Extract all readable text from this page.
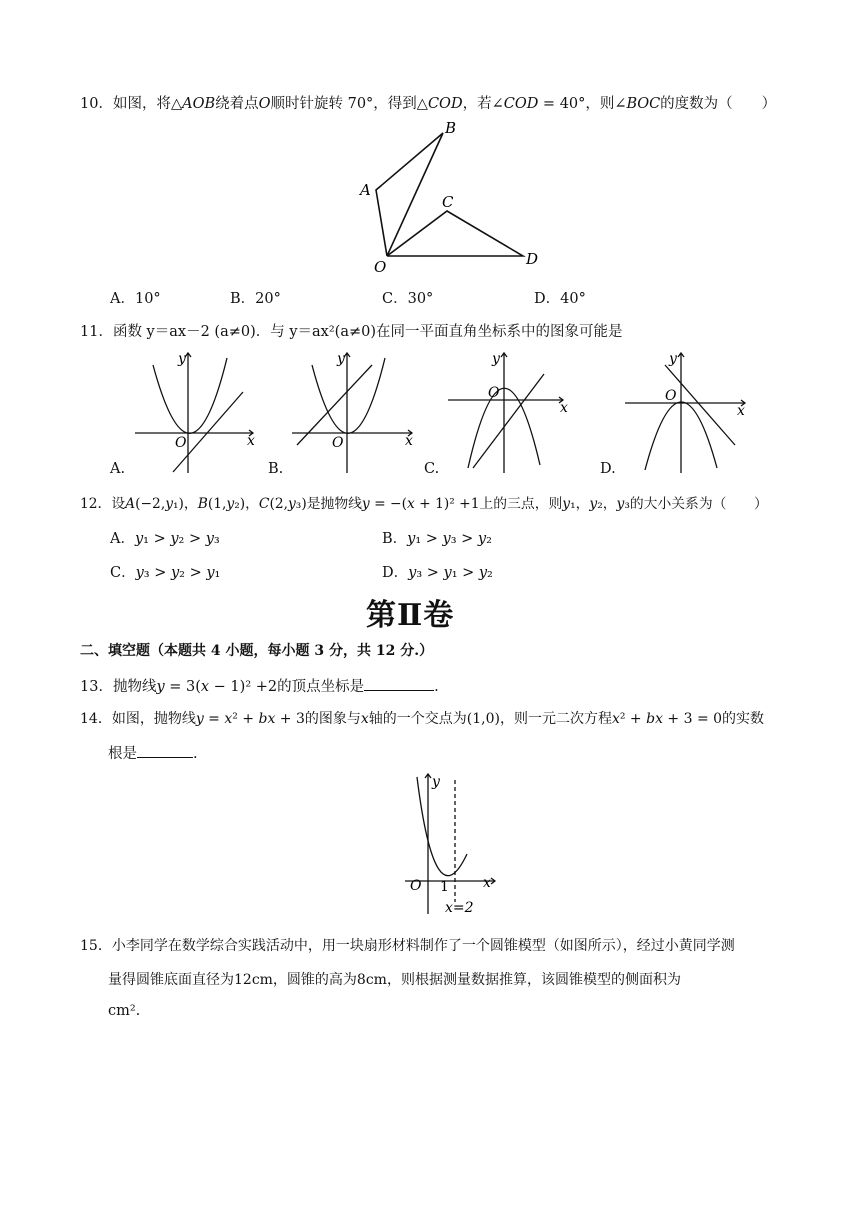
10．如图，将△𝐴𝑂𝐵绕着点𝑂顺时针旋转 70°，得到△𝐶𝑂𝐷，若∠𝐶𝑂𝐷 = 40°，则∠𝐵𝑂𝐶的度数为（　　）
B
A
C
D
O
A．10°	B．20°	C．30°	D．40°
11．函数 y＝ax－2 (a≠0)．与 y＝ax²(a≠0)在同一平面直角坐标系中的图象可能是
y
x
O
A.
y
x
O
B.
y
x
O
C.
y
x
O
D.
12．设𝐴(−2,𝑦₁)，𝐵(1,𝑦₂)，𝐶(2,𝑦₃)是抛物线𝑦 = −(𝑥 + 1)² +1上的三点，则𝑦₁，𝑦₂，𝑦₃的大小关系为（　　）
A．𝑦₁ > 𝑦₂ > 𝑦₃	B．𝑦₁ > 𝑦₃ > 𝑦₂
C．𝑦₃ > 𝑦₂ > 𝑦₁	D．𝑦₃ > 𝑦₁ > 𝑦₂
第Ⅱ卷
二、填空题（本题共 4 小题，每小题 3 分，共 12 分.）
13．抛物线𝑦 = 3(𝑥 − 1)² +2的顶点坐标是	.
14．如图，抛物线𝑦 = 𝑥² + 𝑏𝑥 + 3的图象与𝑥轴的一个交点为(1,0)，则一元二次方程𝑥² + 𝑏𝑥 + 3 = 0的实数
根是	.
y
x
O 1
x=2
15．小李同学在数学综合实践活动中，用一块扇形材料制作了一个圆锥模型（如图所示），经过小黄同学测
量得圆锥底面直径为12cm，圆锥的高为8cm，则根据测量数据推算，该圆锥模型的侧面积为
cm².
